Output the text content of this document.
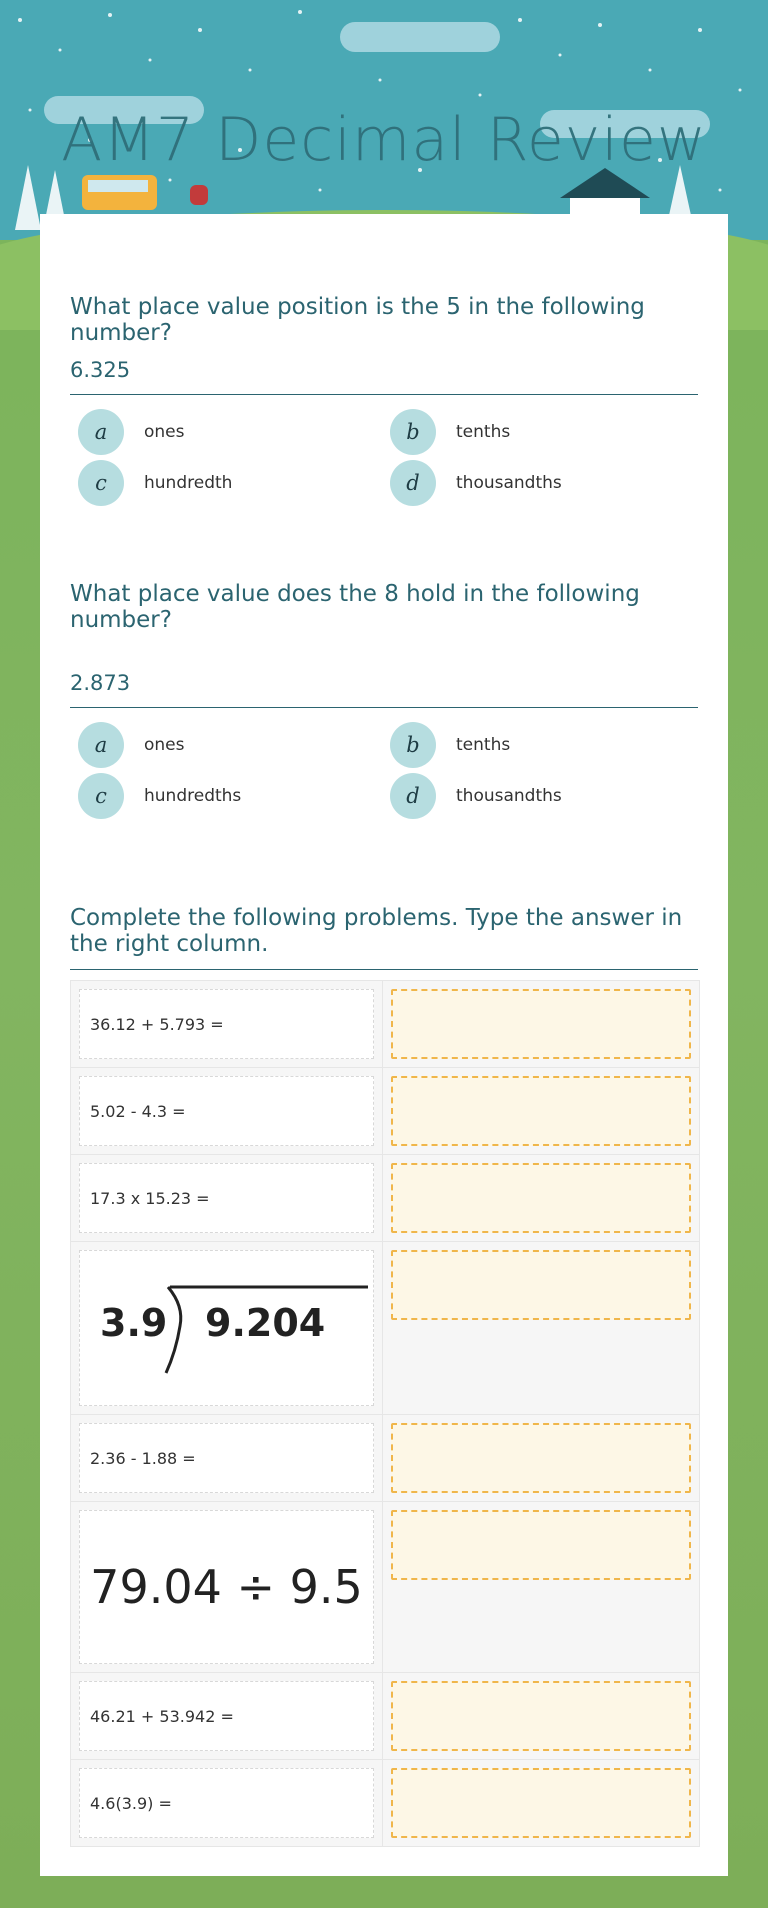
AM7 Decimal Review
What place value position is the 5 in the following number?
6.325
a	ones	b	tenths
c	hundredth	d	thousandths
What place value does the 8 hold in the following number?
2.873
a	ones	b	tenths
c	hundredths	d	thousandths
Complete the following problems. Type the answer in the right column.
36.12 + 5.793 =
5.02 - 4.3 =
17.3 x 15.23 =
3.9 9.204
2.36 - 1.88 =
79.04 ÷ 9.5
46.21 + 53.942 =
4.6(3.9) =
